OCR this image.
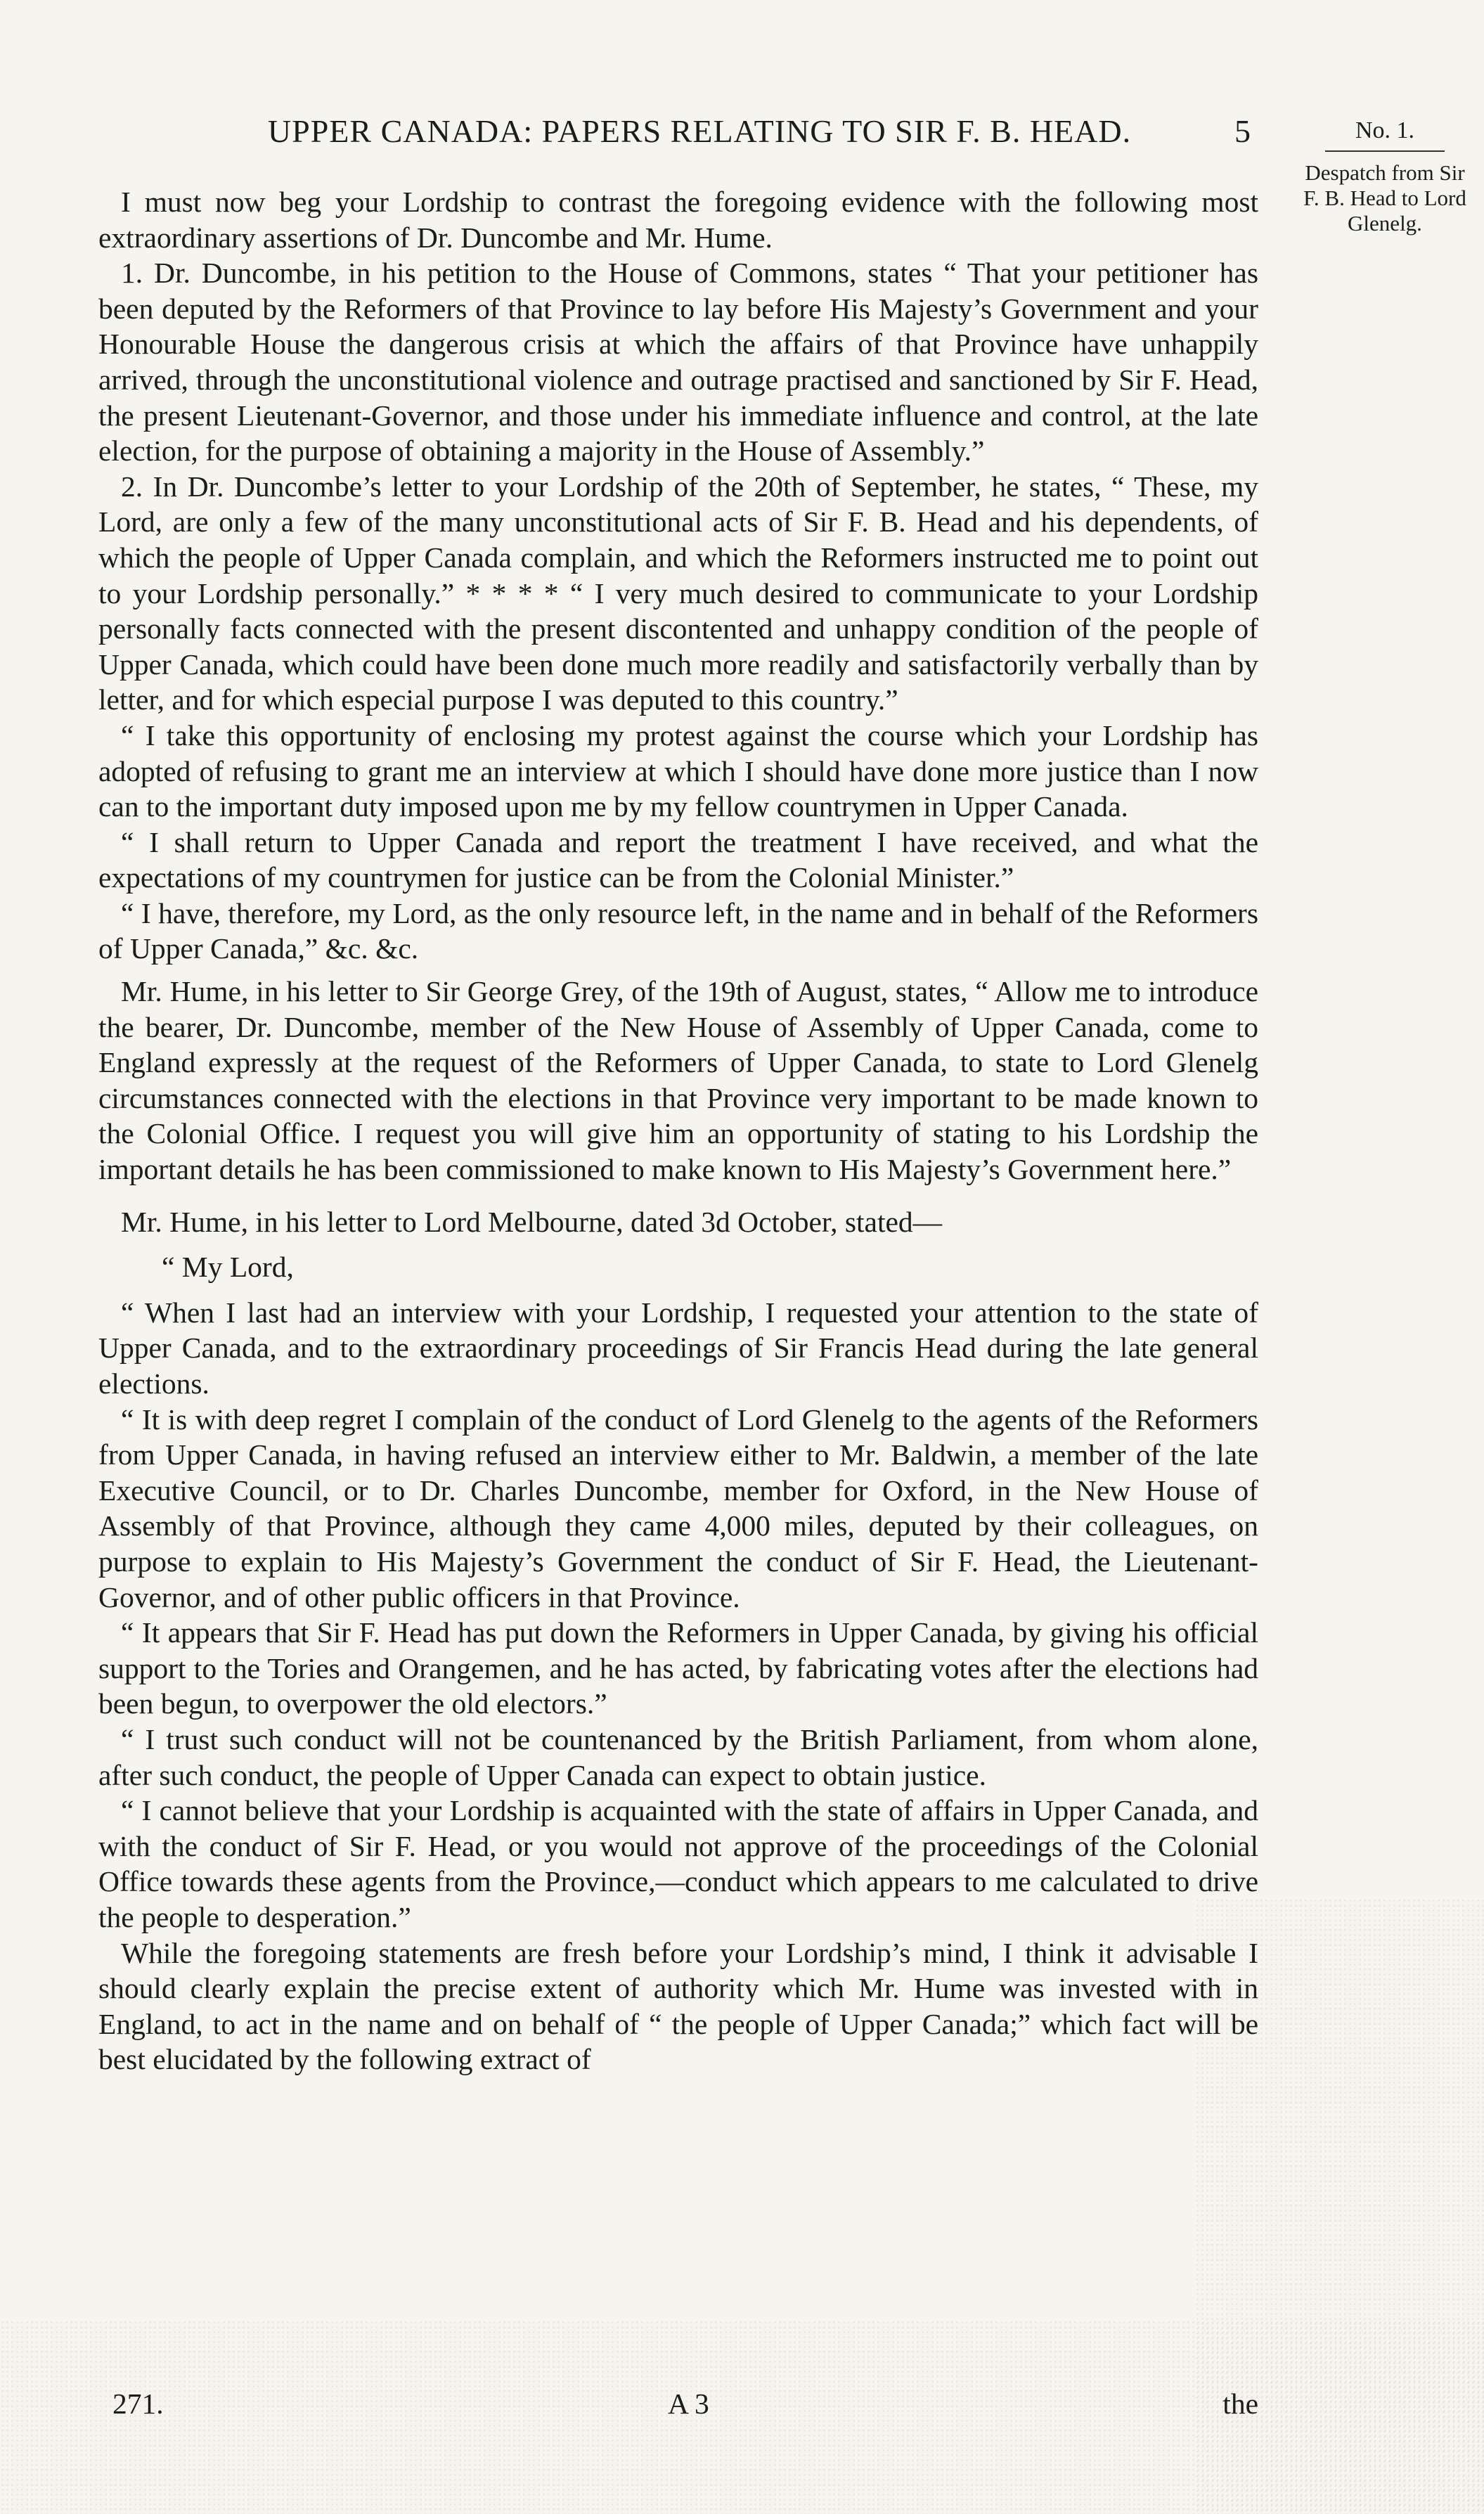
UPPER CANADA: PAPERS RELATING TO SIR F. B. HEAD.	5	No. 1.
Despatch from Sir F. B. Head to Lord Glenelg.

I must now beg your Lordship to contrast the foregoing evidence with the following most extraordinary assertions of Dr. Duncombe and Mr. Hume.

1. Dr. Duncombe, in his petition to the House of Commons, states “ That your petitioner has been deputed by the Reformers of that Province to lay before His Majesty’s Government and your Honourable House the dangerous crisis at which the affairs of that Province have unhappily arrived, through the unconstitutional violence and outrage practised and sanctioned by Sir F. Head, the present Lieutenant-Governor, and those under his immediate influence and control, at the late election, for the purpose of obtaining a majority in the House of Assembly.”

2. In Dr. Duncombe’s letter to your Lordship of the 20th of September, he states, “ These, my Lord, are only a few of the many unconstitutional acts of Sir F. B. Head and his dependents, of which the people of Upper Canada complain, and which the Reformers instructed me to point out to your Lordship personally.” * * * * “ I very much desired to communicate to your Lordship personally facts connected with the present discontented and unhappy condition of the people of Upper Canada, which could have been done much more readily and satisfactorily verbally than by letter, and for which especial purpose I was deputed to this country.”

“ I take this opportunity of enclosing my protest against the course which your Lordship has adopted of refusing to grant me an interview at which I should have done more justice than I now can to the important duty imposed upon me by my fellow countrymen in Upper Canada.

“ I shall return to Upper Canada and report the treatment I have received, and what the expectations of my countrymen for justice can be from the Colonial Minister.”

“ I have, therefore, my Lord, as the only resource left, in the name and in behalf of the Reformers of Upper Canada,” &c. &c.

Mr. Hume, in his letter to Sir George Grey, of the 19th of August, states, “ Allow me to introduce the bearer, Dr. Duncombe, member of the New House of Assembly of Upper Canada, come to England expressly at the request of the Reformers of Upper Canada, to state to Lord Glenelg circumstances connected with the elections in that Province very important to be made known to the Colonial Office. I request you will give him an opportunity of stating to his Lordship the important details he has been commissioned to make known to His Majesty’s Government here.”

Mr. Hume, in his letter to Lord Melbourne, dated 3d October, stated—

“ My Lord,

“ When I last had an interview with your Lordship, I requested your attention to the state of Upper Canada, and to the extraordinary proceedings of Sir Francis Head during the late general elections.

“ It is with deep regret I complain of the conduct of Lord Glenelg to the agents of the Reformers from Upper Canada, in having refused an interview either to Mr. Baldwin, a member of the late Executive Council, or to Dr. Charles Duncombe, member for Oxford, in the New House of Assembly of that Province, although they came 4,000 miles, deputed by their colleagues, on purpose to explain to His Majesty’s Government the conduct of Sir F. Head, the Lieutenant-Governor, and of other public officers in that Province.

“ It appears that Sir F. Head has put down the Reformers in Upper Canada, by giving his official support to the Tories and Orangemen, and he has acted, by fabricating votes after the elections had been begun, to overpower the old electors.”

“ I trust such conduct will not be countenanced by the British Parliament, from whom alone, after such conduct, the people of Upper Canada can expect to obtain justice.

“ I cannot believe that your Lordship is acquainted with the state of affairs in Upper Canada, and with the conduct of Sir F. Head, or you would not approve of the proceedings of the Colonial Office towards these agents from the Province,—conduct which appears to me calculated to drive the people to desperation.”

While the foregoing statements are fresh before your Lordship’s mind, I think it advisable I should clearly explain the precise extent of authority which Mr. Hume was invested with in England, to act in the name and on behalf of “ the people of Upper Canada;” which fact will be best elucidated by the following extract of

271.	A 3	the
